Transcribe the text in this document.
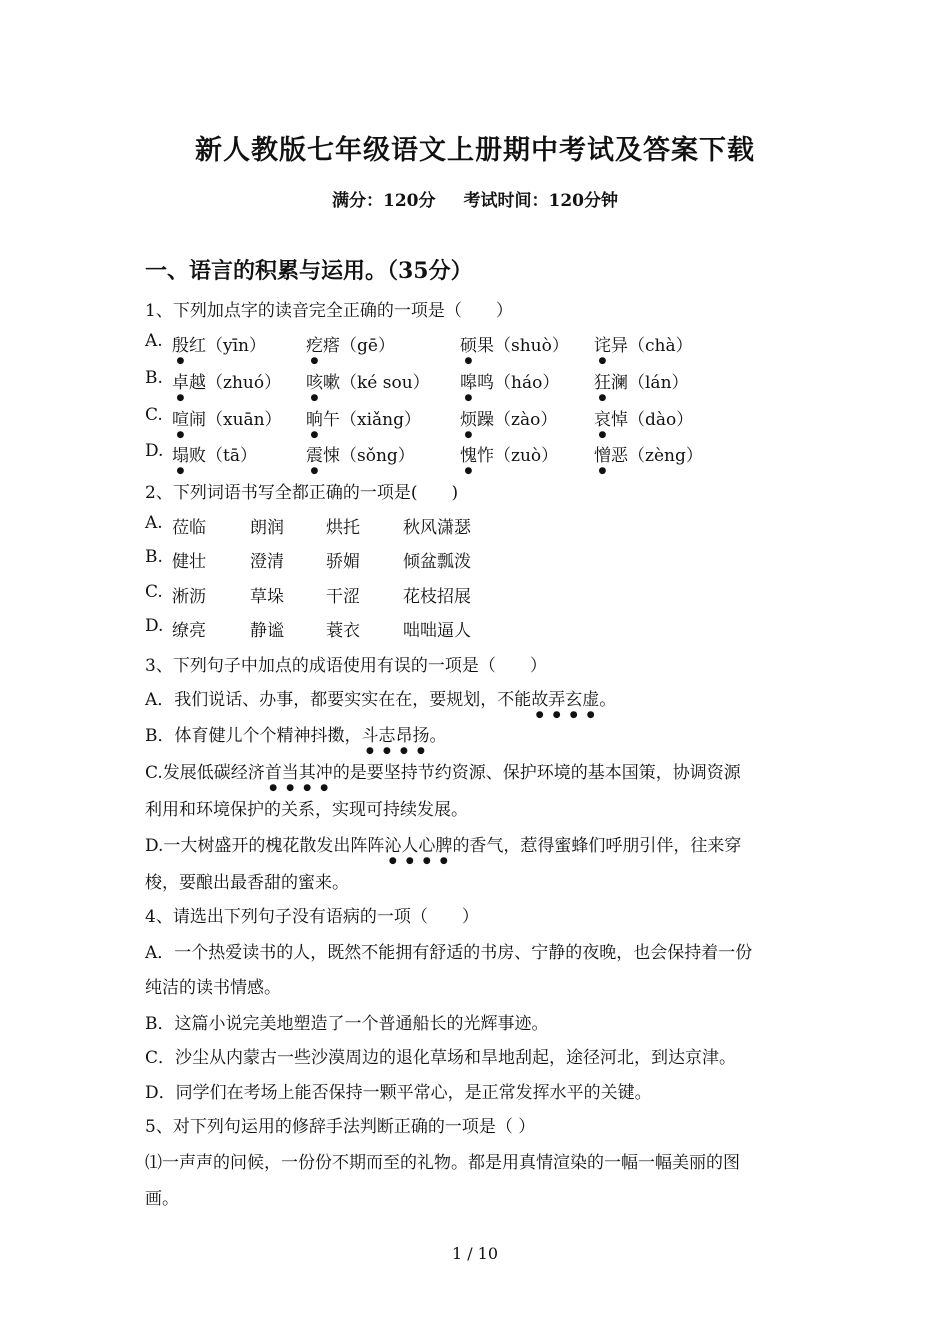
新人教版七年级语文上册期中考试及答案下载
满分：120分 考试时间：120分钟
一、语言的积累与运用。（35分）
1、下列加点字的读音完全正确的一项是（　　）
A. 殷红（yīn） 疙瘩（gē）	硕果（shuò） 诧异（chà）
B. 卓越（zhuó） 咳嗽（ké sou） 嗥鸣（háo） 狂澜（lán）
C. 喧闹（xuān） 晌午（xiǎng） 烦躁（zào） 哀悼（dào）
D. 塌败（tā）	震悚（sǒng）	愧怍（zuò） 憎恶（zèng）
2、下列词语书写全都正确的一项是(　　)
A. 莅临	朗润 烘托	秋风潇瑟
B. 健壮	澄清 骄媚	倾盆瓢泼
C. 淅沥	草垛 干涩	花枝招展
D. 缭亮	静谧 蓑衣	咄咄逼人
3、下列句子中加点的成语使用有误的一项是（　　）
A．我们说话、办事，都要实实在在，要规划，不能故弄玄虚。
B．体育健儿个个精神抖擞，斗志昂扬。
C.发展低碳经济首当其冲的是要坚持节约资源、保护环境的基本国策，协调资源
利用和环境保护的关系，实现可持续发展。
D.一大树盛开的槐花散发出阵阵沁人心脾的香气，惹得蜜蜂们呼朋引伴，往来穿
梭，要酿出最香甜的蜜来。
4、请选出下列句子没有语病的一项（　　）
A．一个热爱读书的人，既然不能拥有舒适的书房、宁静的夜晚，也会保持着一份
纯洁的读书情感。
B．这篇小说完美地塑造了一个普通船长的光辉事迹。
C．沙尘从内蒙古一些沙漠周边的退化草场和旱地刮起，途径河北，到达京津。
D．同学们在考场上能否保持一颗平常心，是正常发挥水平的关键。
5、对下列句运用的修辞手法判断正确的一项是（ ）
⑴一声声的问候，一份份不期而至的礼物。都是用真情渲染的一幅一幅美丽的图
画。
1 / 10
